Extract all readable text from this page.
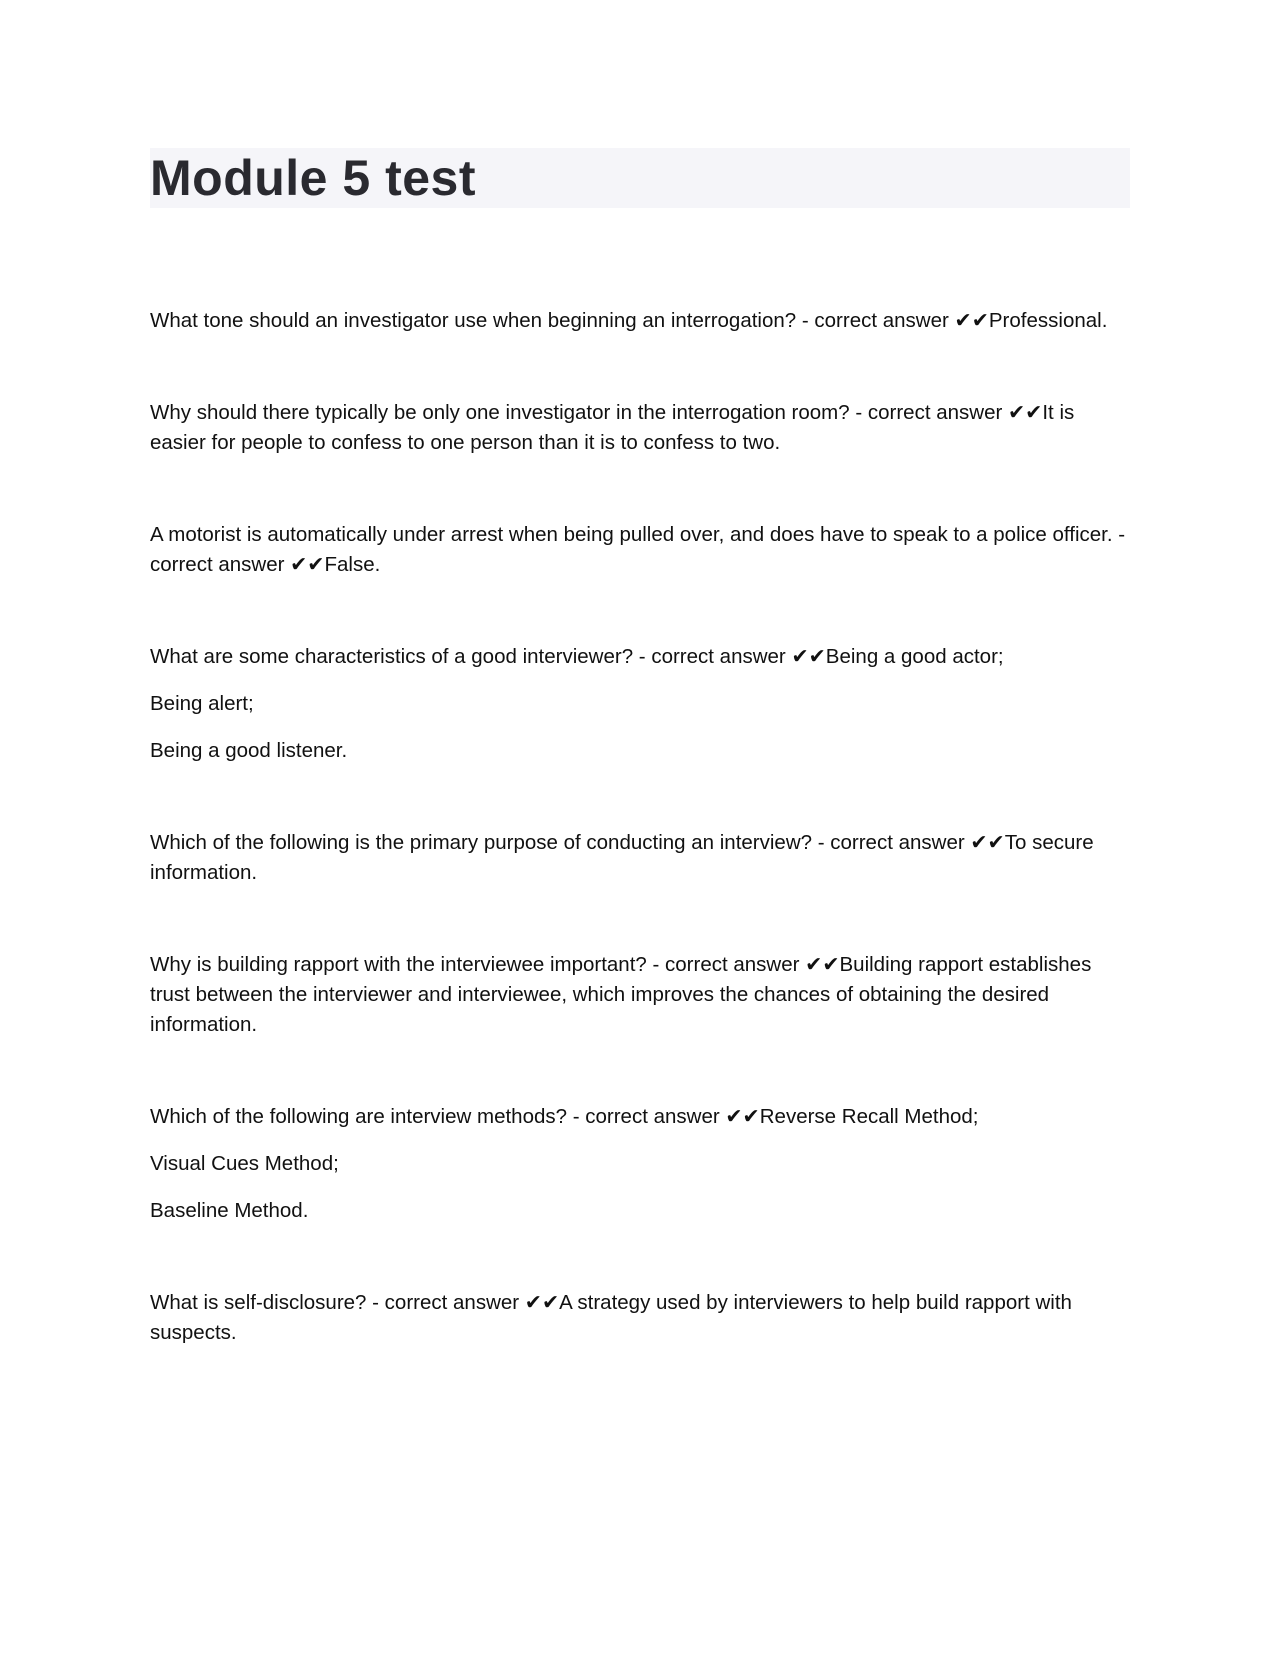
Module 5 test

What tone should an investigator use when beginning an interrogation? - correct answer ✔✔Professional.

Why should there typically be only one investigator in the interrogation room? - correct answer ✔✔It is easier for people to confess to one person than it is to confess to two.

A motorist is automatically under arrest when being pulled over, and does have to speak to a police officer. - correct answer ✔✔False.

What are some characteristics of a good interviewer? - correct answer ✔✔Being a good actor;

Being alert;

Being a good listener.

Which of the following is the primary purpose of conducting an interview? - correct answer ✔✔To secure information.

Why is building rapport with the interviewee important? - correct answer ✔✔Building rapport establishes trust between the interviewer and interviewee, which improves the chances of obtaining the desired information.

Which of the following are interview methods? - correct answer ✔✔Reverse Recall Method;

Visual Cues Method;

Baseline Method.

What is self-disclosure? - correct answer ✔✔A strategy used by interviewers to help build rapport with suspects.
